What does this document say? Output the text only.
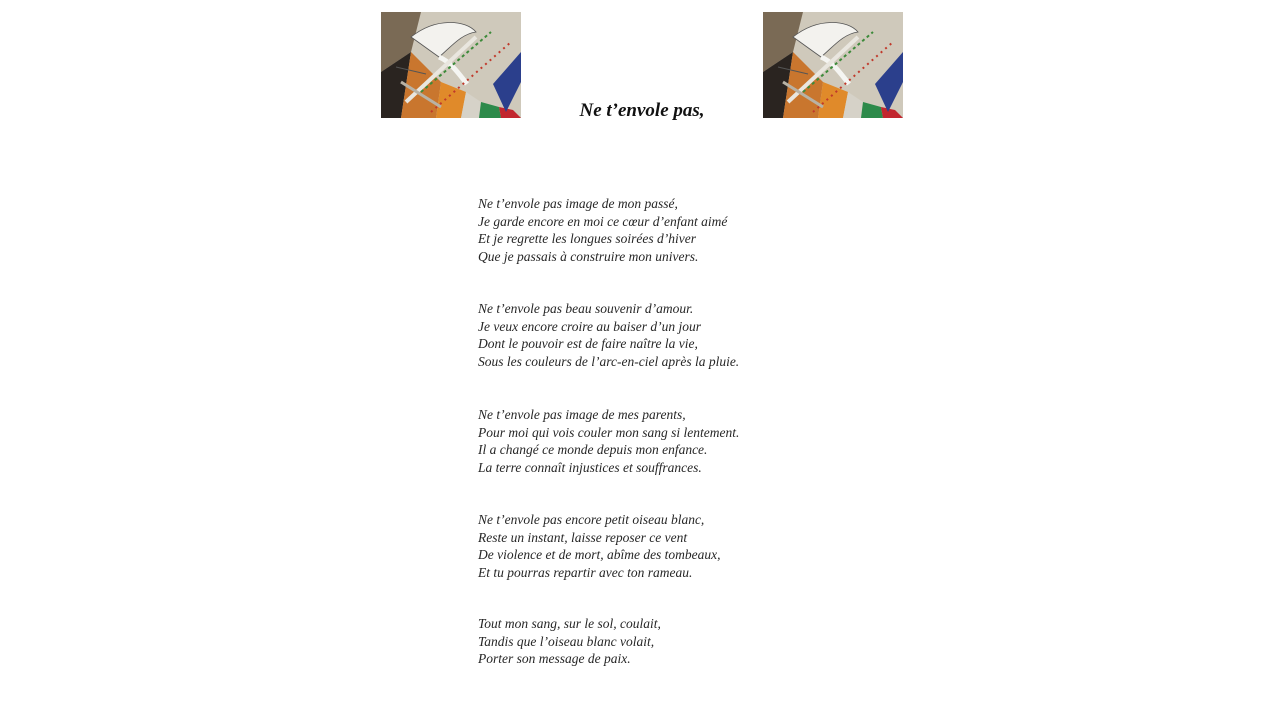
Ne t’envole pas,

Ne t’envole pas image de mon passé,
Je garde encore en moi ce cœur d’enfant aimé
Et je regrette les longues soirées d’hiver
Que je passais à construire mon univers.

Ne t’envole pas beau souvenir d’amour.
Je veux encore croire au baiser d’un jour
Dont le pouvoir est de faire naître la vie,
Sous les couleurs de l’arc-en-ciel après la pluie.

Ne t’envole pas image de mes parents,
Pour moi qui vois couler mon sang si lentement.
Il a changé ce monde depuis mon enfance.
La terre connaît injustices et souffrances.

Ne t’envole pas encore petit oiseau blanc,
Reste un instant, laisse reposer ce vent
De violence et de mort, abîme des tombeaux,
Et tu pourras repartir avec ton rameau.

Tout mon sang, sur le sol, coulait,
Tandis que l’oiseau blanc volait,
Porter son message de paix.
